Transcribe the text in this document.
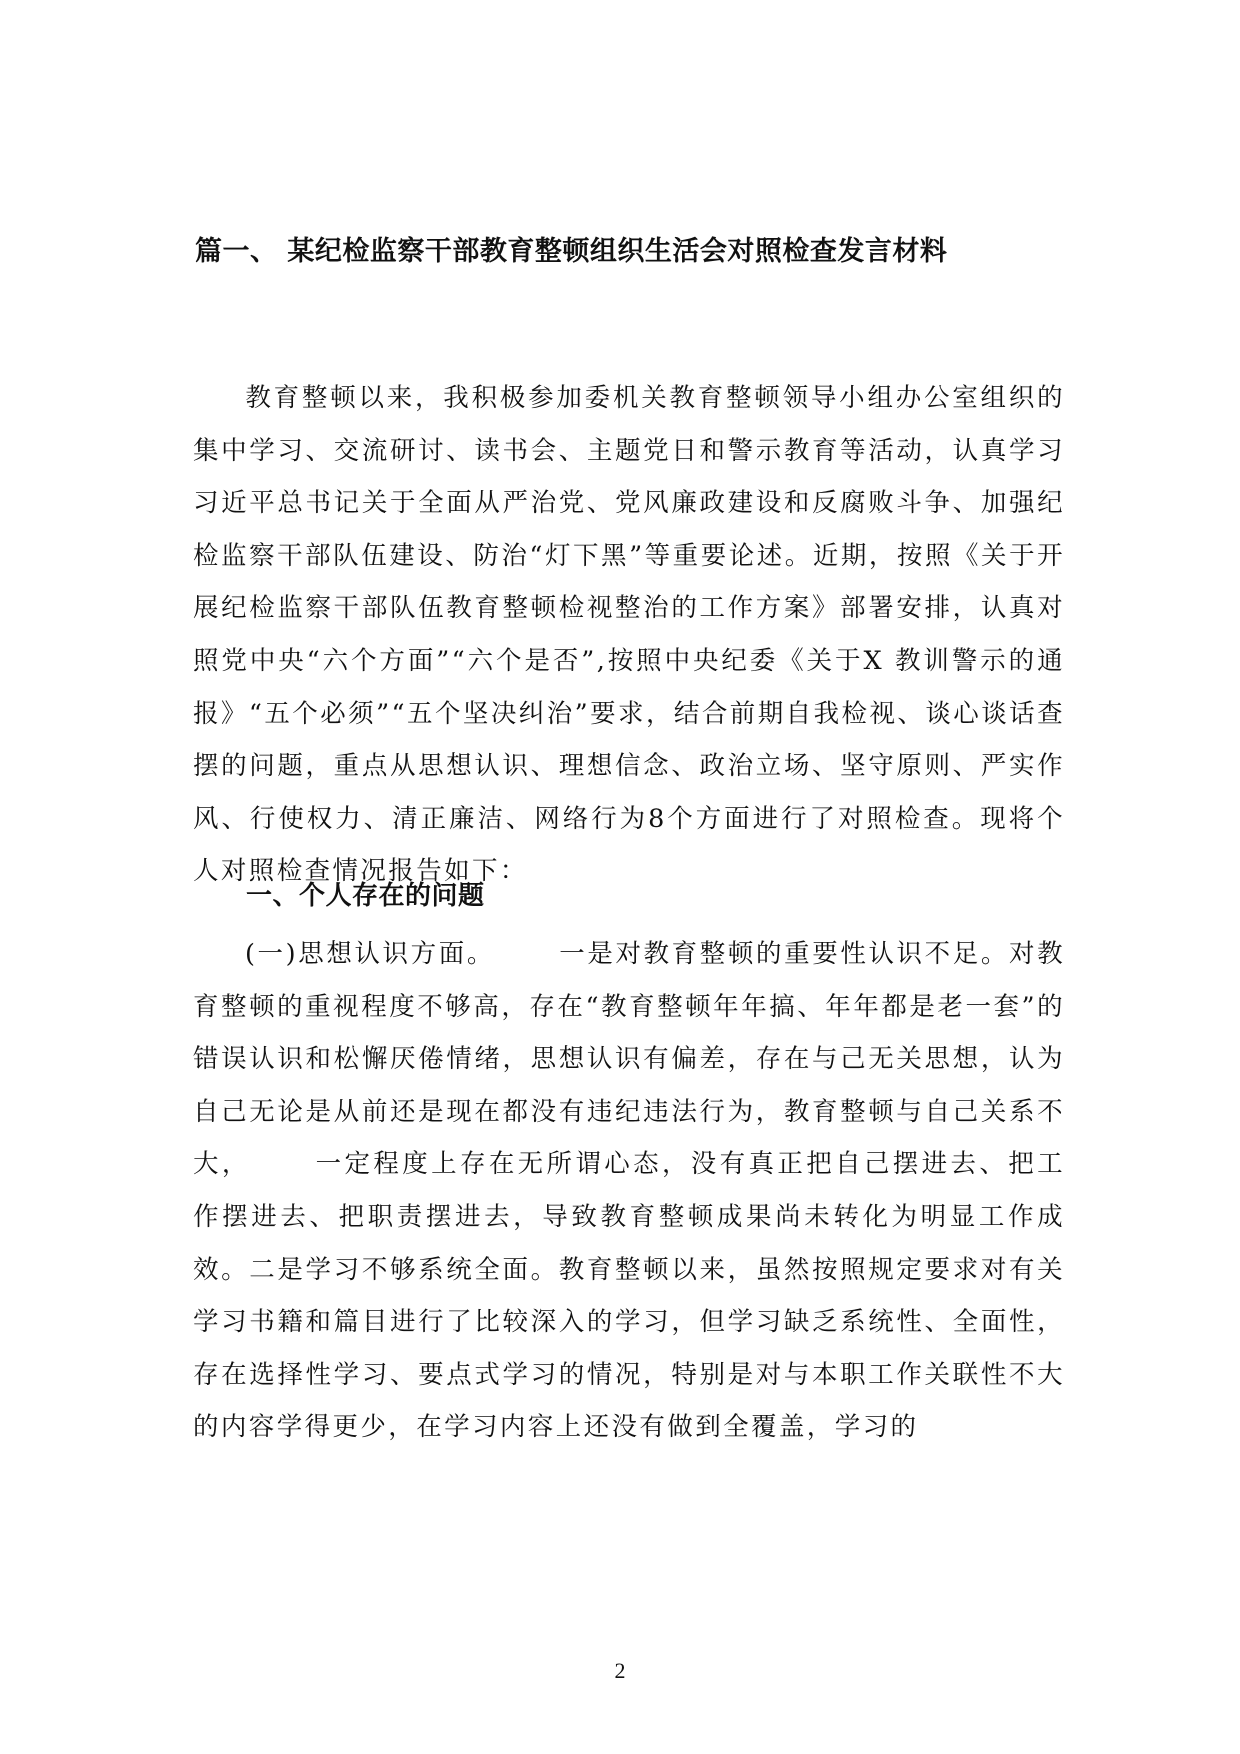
篇一、 某纪检监察干部教育整顿组织生活会对照检查发言材料

教育整顿以来，我积极参加委机关教育整顿领导小组办公室组织的集中学习、交流研讨、读书会、主题党日和警示教育等活动，认真学习习近平总书记关于全面从严治党、党风廉政建设和反腐败斗争、加强纪检监察干部队伍建设、防治“灯下黑”等重要论述。近期，按照《关于开展纪检监察干部队伍教育整顿检视整治的工作方案》部署安排，认真对照党中央“六个方面”“六个是否”,按照中央纪委《关于X 教训警示的通报》“五个必须”“五个坚决纠治”要求，结合前期自我检视、谈心谈话查摆的问题，重点从思想认识、理想信念、政治立场、坚守原则、严实作风、行使权力、清正廉洁、网络行为8个方面进行了对照检查。现将个人对照检查情况报告如下：

一、个人存在的问题

(一)思想认识方面。	一是对教育整顿的重要性认识不足。对教育整顿的重视程度不够高，存在“教育整顿年年搞、年年都是老一套”的错误认识和松懈厌倦情绪，思想认识有偏差，存在与己无关思想，认为自己无论是从前还是现在都没有违纪违法行为，教育整顿与自己关系不大，	一定程度上存在无所谓心态，没有真正把自己摆进去、把工作摆进去、把职责摆进去，导致教育整顿成果尚未转化为明显工作成效。二是学习不够系统全面。教育整顿以来，虽然按照规定要求对有关学习书籍和篇目进行了比较深入的学习，但学习缺乏系统性、全面性，存在选择性学习、要点式学习的情况，特别是对与本职工作关联性不大的内容学得更少，在学习内容上还没有做到全覆盖，学习的

2
